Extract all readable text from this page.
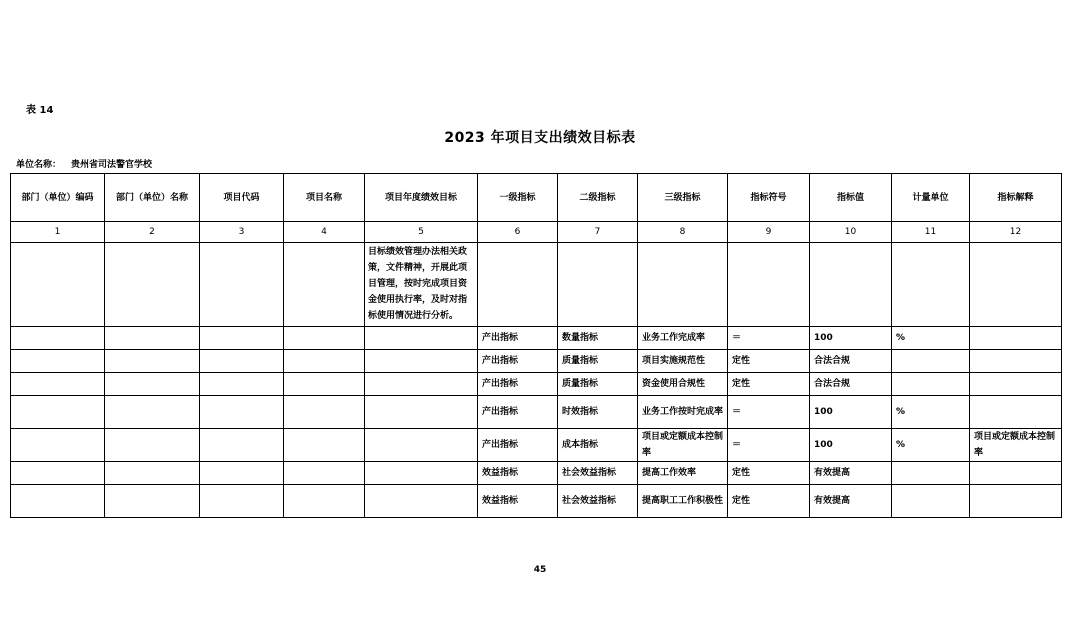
表 14
2023 年项目支出绩效目标表
单位名称： 贵州省司法警官学校
部门（单位）编码	部门（单位）名称	项目代码	项目名称	项目年度绩效目标	一级指标	二级指标	三级指标	指标符号	指标值	计量单位	指标解释
1	2	3	4	5	6	7	8	9	10	11	12
				目标绩效管理办法相关政策，文件精神，开展此项目管理，按时完成项目资金使用执行率，及时对指标使用情况进行分析。							
					产出指标	数量指标	业务工作完成率	＝	100	%	
					产出指标	质量指标	项目实施规范性	定性	合法合规		
					产出指标	质量指标	资金使用合规性	定性	合法合规		
					产出指标	时效指标	业务工作按时完成率	＝	100	%	
					产出指标	成本指标	项目或定额成本控制率	＝	100	%	项目或定额成本控制率
					效益指标	社会效益指标	提高工作效率	定性	有效提高		
					效益指标	社会效益指标	提高职工工作积极性	定性	有效提高		
45
